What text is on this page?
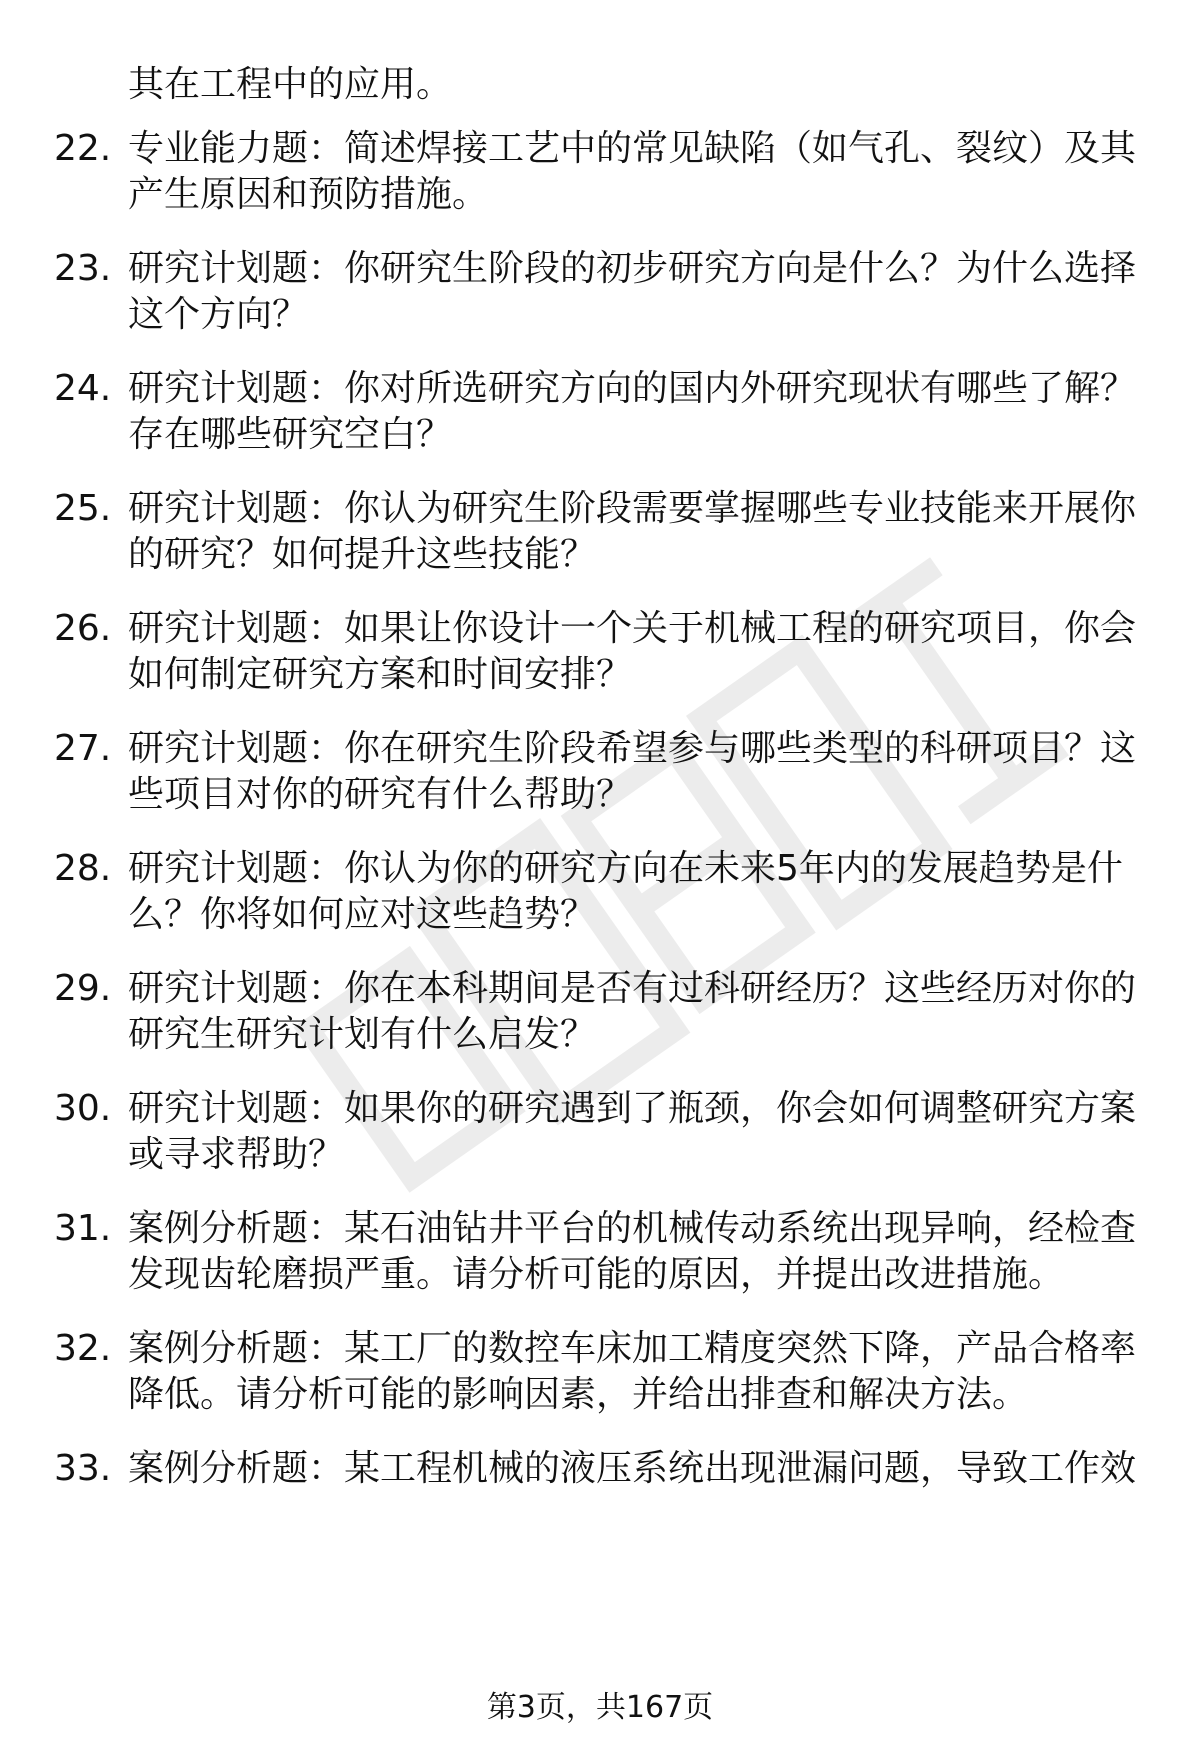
其在工程中的应用。
22. 专业能力题：简述焊接工艺中的常见缺陷（如气孔、裂纹）及其
产生原因和预防措施。
23. 研究计划题：你研究生阶段的初步研究方向是什么？为什么选择
这个方向？
24. 研究计划题：你对所选研究方向的国内外研究现状有哪些了解？
存在哪些研究空白？
25. 研究计划题：你认为研究生阶段需要掌握哪些专业技能来开展你
的研究？如何提升这些技能？
26. 研究计划题：如果让你设计一个关于机械工程的研究项目，你会
如何制定研究方案和时间安排？
27. 研究计划题：你在研究生阶段希望参与哪些类型的科研项目？这
些项目对你的研究有什么帮助？
28. 研究计划题：你认为你的研究方向在未来5年内的发展趋势是什
么？你将如何应对这些趋势？
29. 研究计划题：你在本科期间是否有过科研经历？这些经历对你的
研究生研究计划有什么启发？
30. 研究计划题：如果你的研究遇到了瓶颈，你会如何调整研究方案
或寻求帮助？
31. 案例分析题：某石油钻井平台的机械传动系统出现异响，经检查
发现齿轮磨损严重。请分析可能的原因，并提出改进措施。
32. 案例分析题：某工厂的数控车床加工精度突然下降，产品合格率
降低。请分析可能的影响因素，并给出排查和解决方法。
33. 案例分析题：某工程机械的液压系统出现泄漏问题，导致工作效
第3页，共167页
